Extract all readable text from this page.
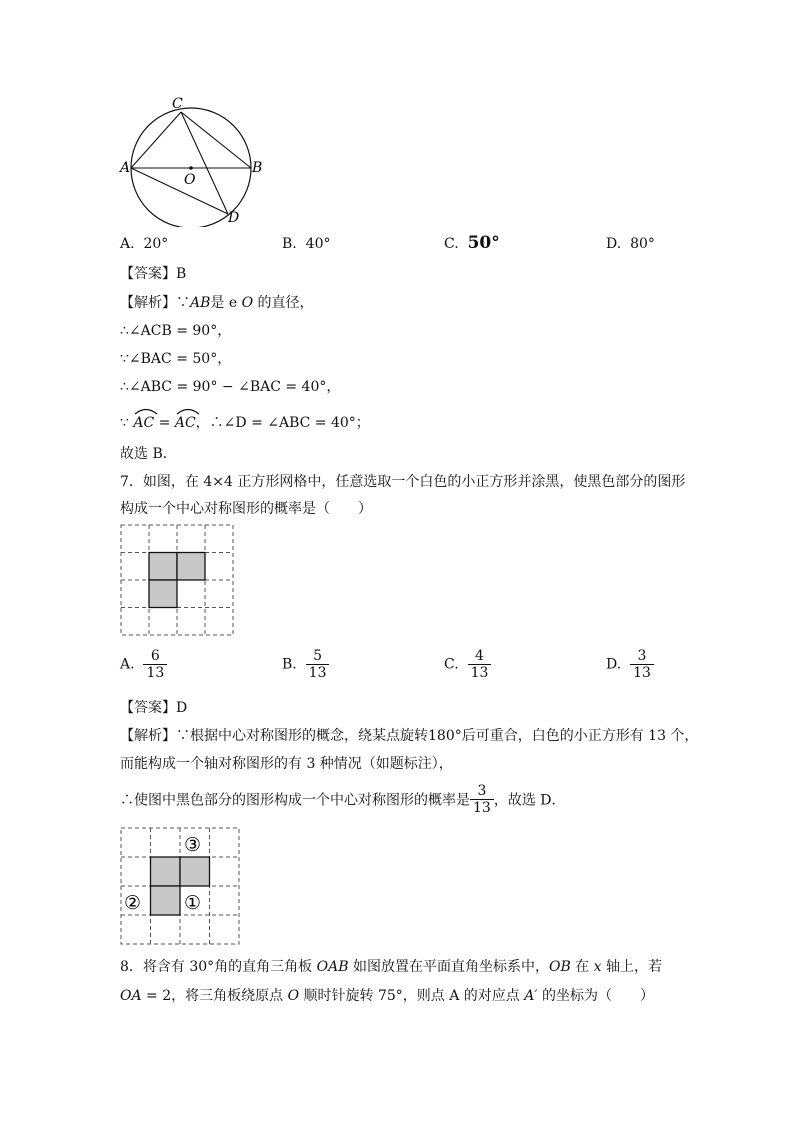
C
A	B
O
D
A. 20°	B. 40°	C. 50°	D. 80°
【答案】B
【解析】∵AB是 e O 的直径，
∴∠ACB = 90°，
∵∠BAC = 50°，
∴∠ABC = 90° − ∠BAC = 40°，
∵ AC =
AC，∴∠D = ∠ABC = 40°；
故选 B．
7．如图，在 4×4 正方形网格中，任意选取一个白色的小正方形并涂黑，使黑色部分的图形
构成一个中心对称图形的概率是（　　）
A. $\frac{6}{13}$	B. $\frac{5}{13}$	C. $\frac{4}{13}$	D. $\frac{3}{13}$
【答案】D
【解析】∵根据中心对称图形的概念，绕某点旋转180°后可重合，白色的小正方形有 13 个，
而能构成一个轴对称图形的有 3 种情况（如题标注），
∴使图中黑色部分的图形构成一个中心对称图形的概率是 $\frac{3}{13}$ ，故选 D．
③
② ①
8．将含有 30°角的直角三角板 OAB 如图放置在平面直角坐标系中，OB 在 x 轴上，若
OA = 2，将三角板绕原点 O 顺时针旋转 75°，则点 A 的对应点 A′ 的坐标为（　　）
